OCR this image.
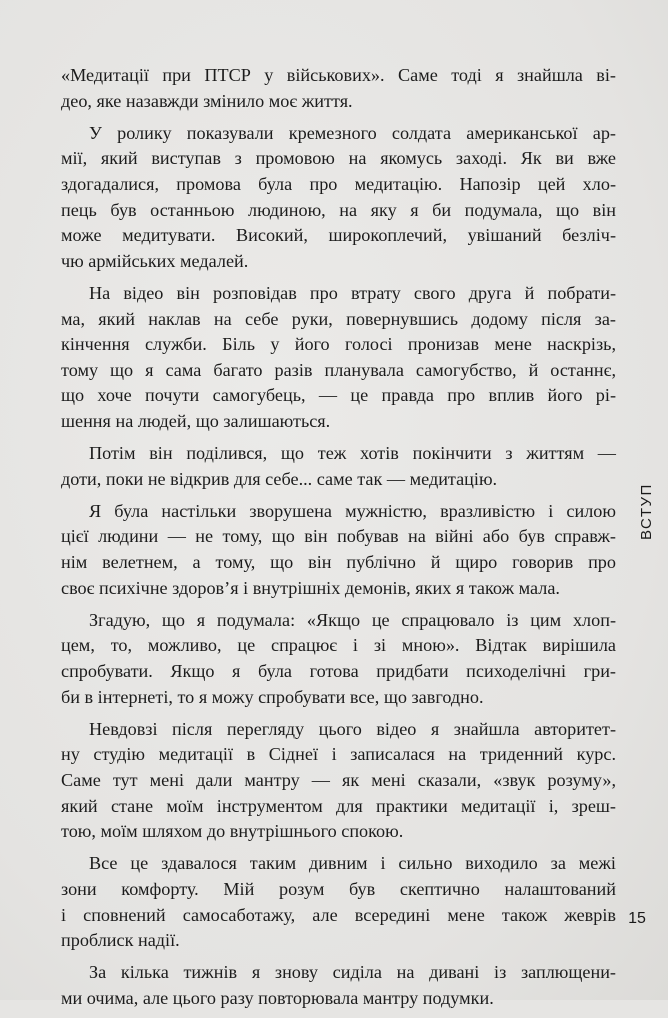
«Медитації при ПТСР у військових». Саме тоді я знайшла ві-
део, яке назавжди змінило моє життя.
У ролику показували кремезного солдата американської ар-
мії, який виступав з промовою на якомусь заході. Як ви вже
здогадалися, промова була про медитацію. Напозір цей хло-
пець був останньою людиною, на яку я би подумала, що він
може медитувати. Високий, широкоплечий, увішаний безліч-
чю армійських медалей.
На відео він розповідав про втрату свого друга й побрати-
ма, який наклав на себе руки, повернувшись додому після за-
кінчення служби. Біль у його голосі пронизав мене наскрізь,
тому що я сама багато разів планувала самогубство, й останнє,
що хоче почути самогубець, — це правда про вплив його рі-
шення на людей, що залишаються.
Потім він поділився, що теж хотів покінчити з життям —
доти, поки не відкрив для себе... саме так — медитацію.
Я була настільки зворушена мужністю, вразливістю і силою
цієї людини — не тому, що він побував на війні або був справж-
нім велетнем, а тому, що він публічно й щиро говорив про
своє психічне здоров’я і внутрішніх демонів, яких я також мала.
Згадую, що я подумала: «Якщо це спрацювало із цим хлоп-
цем, то, можливо, це спрацює і зі мною». Відтак вирішила
спробувати. Якщо я була готова придбати психоделічні гри-
би в інтернеті, то я можу спробувати все, що завгодно.
Невдовзі після перегляду цього відео я знайшла авторитет-
ну студію медитації в Сіднеї і записалася на триденний курс.
Саме тут мені дали мантру — як мені сказали, «звук розуму»,
який стане моїм інструментом для практики медитації і, зреш-
тою, моїм шляхом до внутрішнього спокою.
Все це здавалося таким дивним і сильно виходило за межі
зони комфорту. Мій розум був скептично налаштований
і сповнений самосаботажу, але всередині мене також жеврів
проблиск надії.
За кілька тижнів я знову сиділа на дивані із заплющени-
ми очима, але цього разу повторювала мантру подумки.
ВСТУП
15
